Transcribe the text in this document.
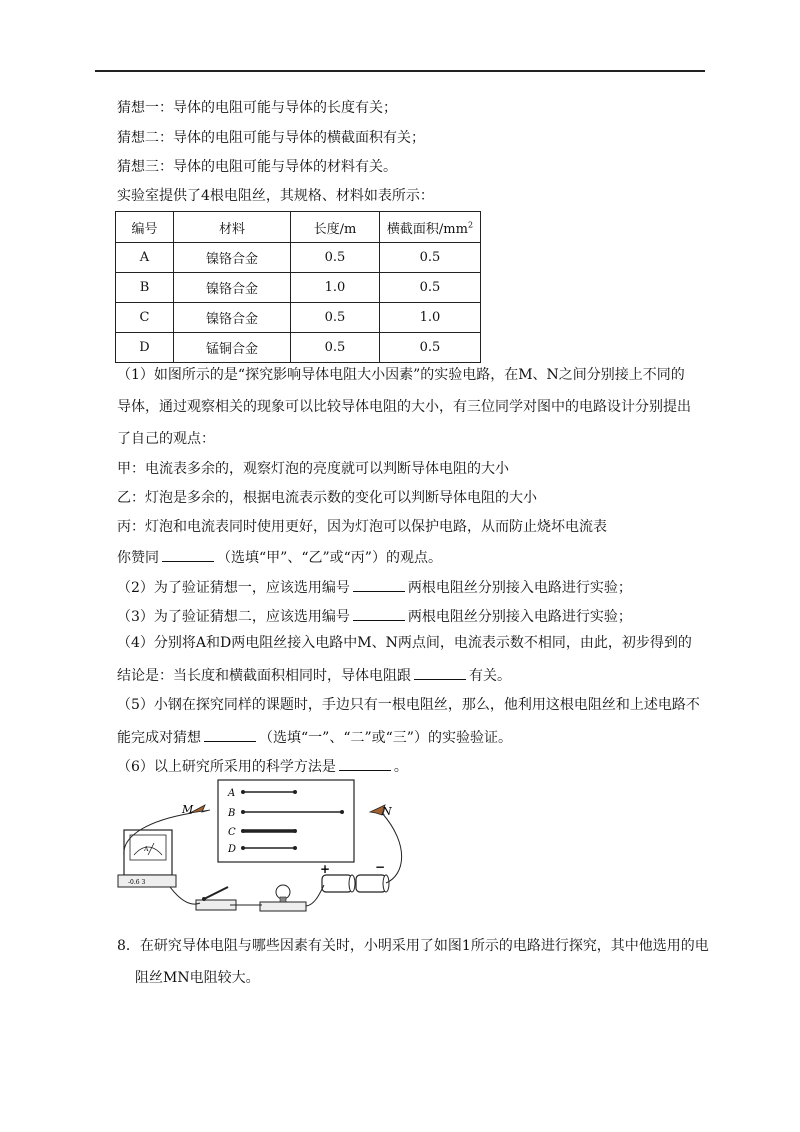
猜想一：导体的电阻可能与导体的长度有关；
猜想二：导体的电阻可能与导体的横截面积有关；
猜想三：导体的电阻可能与导体的材料有关。
实验室提供了4根电阻丝，其规格、材料如表所示：
编号	材料	长度/m	横截面积$/mm^2$
A	镍铬合金	0.5	0.5
B	镍铬合金	1.0	0.5
C	镍铬合金	0.5	1.0
D	锰铜合金	0.5	0.5
（1）如图所示的是“探究影响导体电阻大小因素”的实验电路，在M、N之间分别接上不同的
导体，通过观察相关的现象可以比较导体电阻的大小，有三位同学对图中的电路设计分别提出
了自己的观点：
甲：电流表多余的，观察灯泡的亮度就可以判断导体电阻的大小
乙：灯泡是多余的，根据电流表示数的变化可以判断导体电阻的大小
丙：灯泡和电流表同时使用更好，因为灯泡可以保护电路，从而防止烧坏电流表
你赞同	（选填“甲”、“乙”或“丙”）的观点。
（2）为了验证猜想一，应该选用编号	两根电阻丝分别接入电路进行实验；
（3）为了验证猜想二，应该选用编号	两根电阻丝分别接入电路进行实验；
（4）分别将A和D两电阻丝接入电路中M、N两点间，电流表示数不相同，由此，初步得到的
结论是：当长度和横截面积相同时，导体电阻跟	有关。
（5）小钢在探究同样的课题时，手边只有一根电阻丝，那么，他利用这根电阻丝和上述电路不
能完成对猜想	（选填“一”、“二”或“三”）的实验验证。
（6）以上研究所采用的科学方法是	。
A
B
C
D
M	N
A
-0.6 3
+	−
8．在研究导体电阻与哪些因素有关时，小明采用了如图1所示的电路进行探究，其中他选用的电
阻丝MN电阻较大。
